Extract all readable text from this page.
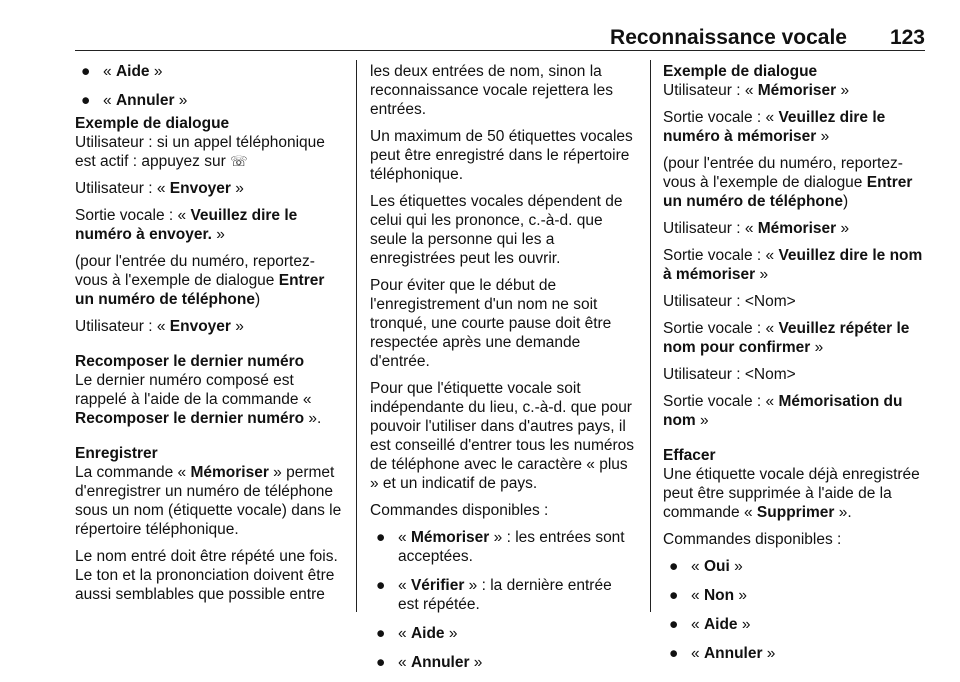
Reconnaissance vocale 123
● « Aide »
● « Annuler »

Exemple de dialogue

Utilisateur : si un appel téléphonique est actif : appuyez sur ☏

Utilisateur : « Envoyer »

Sortie vocale : « Veuillez dire le numéro à envoyer. »

(pour l'entrée du numéro, reportez-vous à l'exemple de dialogue Entrer un numéro de téléphone)

Utilisateur : « Envoyer »

Recomposer le dernier numéro

Le dernier numéro composé est rappelé à l'aide de la commande « Recomposer le dernier numéro ».

Enregistrer

La commande « Mémoriser » permet d'enregistrer un numéro de téléphone sous un nom (étiquette vocale) dans le répertoire téléphonique.

Le nom entré doit être répété une fois. Le ton et la prononciation doivent être aussi semblables que possible entre

les deux entrées de nom, sinon la reconnaissance vocale rejettera les entrées.

Un maximum de 50 étiquettes vocales peut être enregistré dans le répertoire téléphonique.

Les étiquettes vocales dépendent de celui qui les prononce, c.-à-d. que seule la personne qui les a enregistrées peut les ouvrir.

Pour éviter que le début de l'enregistrement d'un nom ne soit tronqué, une courte pause doit être respectée après une demande d'entrée.

Pour que l'étiquette vocale soit indépendante du lieu, c.-à-d. que pour pouvoir l'utiliser dans d'autres pays, il est conseillé d'entrer tous les numéros de téléphone avec le caractère « plus » et un indicatif de pays.

Commandes disponibles :

● « Mémoriser » : les entrées sont acceptées.
● « Vérifier » : la dernière entrée est répétée.
● « Aide »
● « Annuler »

Exemple de dialogue

Utilisateur : « Mémoriser »

Sortie vocale : « Veuillez dire le numéro à mémoriser »

(pour l'entrée du numéro, reportez-vous à l'exemple de dialogue Entrer un numéro de téléphone)

Utilisateur : « Mémoriser »

Sortie vocale : « Veuillez dire le nom à mémoriser »

Utilisateur : <Nom>

Sortie vocale : « Veuillez répéter le nom pour confirmer »

Utilisateur : <Nom>

Sortie vocale : « Mémorisation du nom »

Effacer

Une étiquette vocale déjà enregistrée peut être supprimée à l'aide de la commande « Supprimer ».

Commandes disponibles :

● « Oui »
● « Non »
● « Aide »
● « Annuler »
